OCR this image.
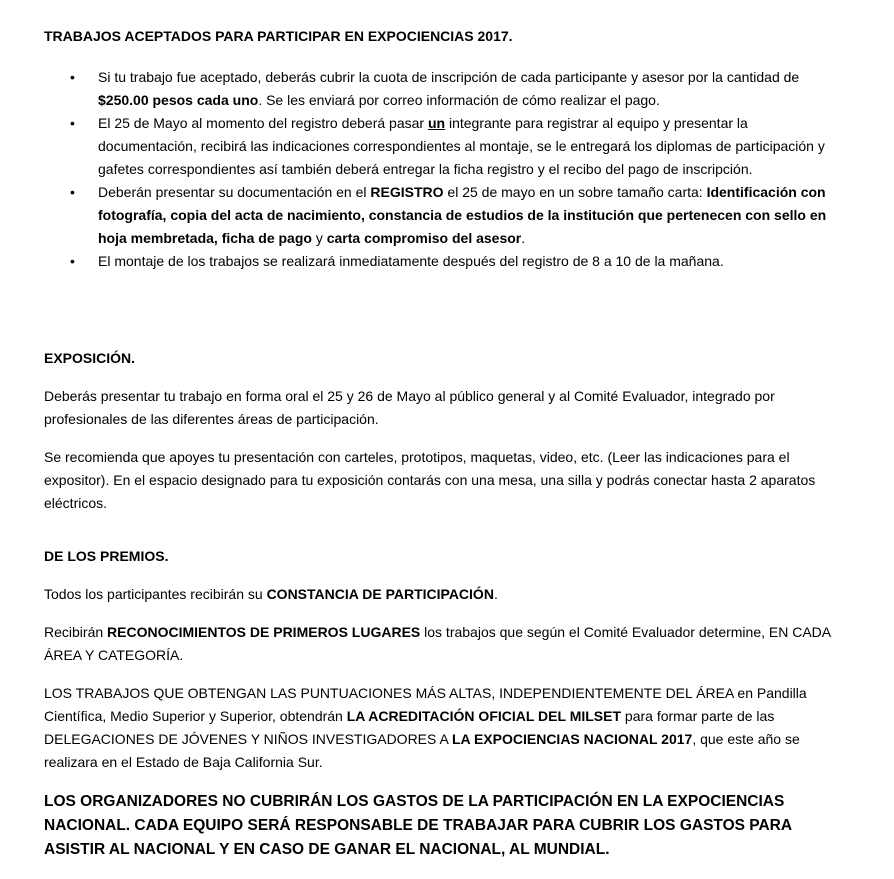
TRABAJOS ACEPTADOS PARA PARTICIPAR EN EXPOCIENCIAS 2017.

• Si tu trabajo fue aceptado, deberás cubrir la cuota de inscripción de cada participante y asesor por la cantidad de $250.00 pesos cada uno. Se les enviará por correo información de cómo realizar el pago.
• El 25 de Mayo al momento del registro deberá pasar un integrante para registrar al equipo y presentar la documentación, recibirá las indicaciones correspondientes al montaje, se le entregará los diplomas de participación y gafetes correspondientes así también deberá entregar la ficha registro y el recibo del pago de inscripción.
• Deberán presentar su documentación en el REGISTRO el 25 de mayo en un sobre tamaño carta: Identificación con fotografía, copia del acta de nacimiento, constancia de estudios de la institución que pertenecen con sello en hoja membretada, ficha de pago y carta compromiso del asesor.
• El montaje de los trabajos se realizará inmediatamente después del registro de 8 a 10 de la mañana.

EXPOSICIÓN.

Deberás presentar tu trabajo en forma oral el 25 y 26 de Mayo al público general y al Comité Evaluador, integrado por profesionales de las diferentes áreas de participación.

Se recomienda que apoyes tu presentación con carteles, prototipos, maquetas, video, etc. (Leer las indicaciones para el expositor). En el espacio designado para tu exposición contarás con una mesa, una silla y podrás conectar hasta 2 aparatos eléctricos.

DE LOS PREMIOS.

Todos los participantes recibirán su CONSTANCIA DE PARTICIPACIÓN.

Recibirán RECONOCIMIENTOS DE PRIMEROS LUGARES los trabajos que según el Comité Evaluador determine, EN CADA ÁREA Y CATEGORÍA.

LOS TRABAJOS QUE OBTENGAN LAS PUNTUACIONES MÁS ALTAS, INDEPENDIENTEMENTE DEL ÁREA en Pandilla Científica, Medio Superior y Superior, obtendrán LA ACREDITACIÓN OFICIAL DEL MILSET para formar parte de las DELEGACIONES DE JÓVENES Y NIÑOS INVESTIGADORES A LA EXPOCIENCIAS NACIONAL 2017, que este año se realizara en el Estado de Baja California Sur.

LOS ORGANIZADORES NO CUBRIRÁN LOS GASTOS DE LA PARTICIPACIÓN EN LA EXPOCIENCIAS NACIONAL. CADA EQUIPO SERÁ RESPONSABLE DE TRABAJAR PARA CUBRIR LOS GASTOS PARA ASISTIR AL NACIONAL Y EN CASO DE GANAR EL NACIONAL, AL MUNDIAL.
